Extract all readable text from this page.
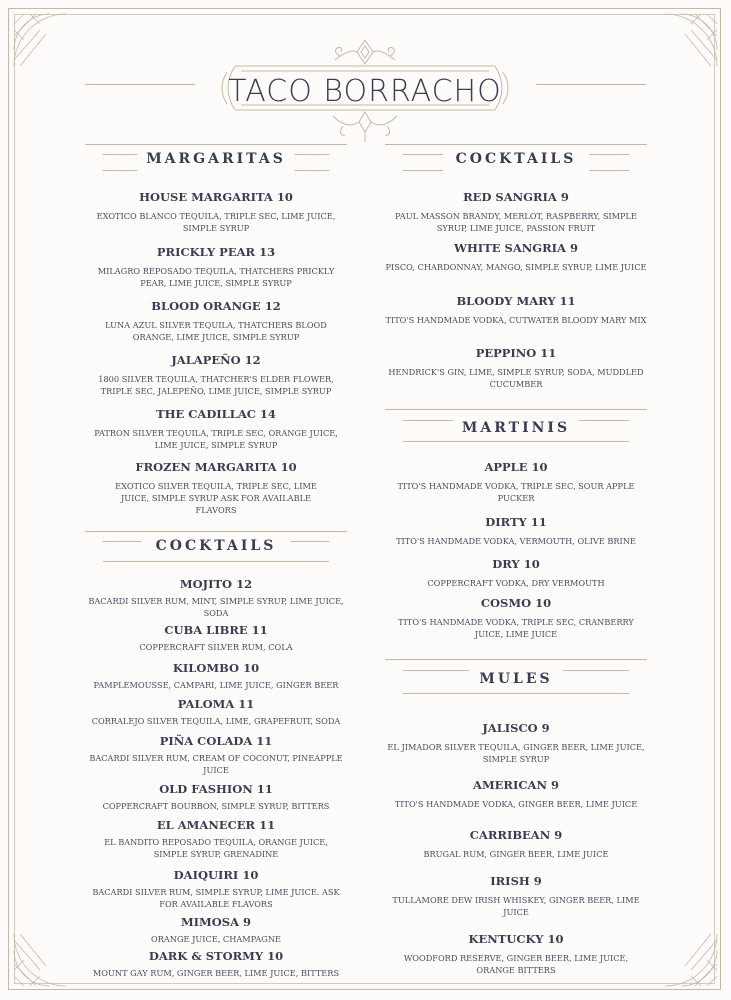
TACO BORRACHO
MARGARITAS
HOUSE MARGARITA 10
EXOTICO BLANCO TEQUILA, TRIPLE SEC, LIME JUICE, SIMPLE SYRUP
PRICKLY PEAR 13
MILAGRO REPOSADO TEQUILA, THATCHERS PRICKLY PEAR, LIME JUICE, SIMPLE SYRUP
BLOOD ORANGE 12
LUNA AZUL SILVER TEQUILA, THATCHERS BLOOD ORANGE, LIME JUICE, SIMPLE SYRUP
JALAPEÑO 12
1800 SILVER TEQUILA, THATCHER'S ELDER FLOWER, TRIPLE SEC, JALEPEÑO, LIME JUICE, SIMPLE SYRUP
THE CADILLAC 14
PATRON SILVER TEQUILA, TRIPLE SEC, ORANGE JUICE, LIME JUICE, SIMPLE SYRUP
FROZEN MARGARITA 10
EXOTICO SILVER TEQUILA, TRIPLE SEC, LIME JUICE, SIMPLE SYRUP ASK FOR AVAILABLE FLAVORS
COCKTAILS
MOJITO 12
BACARDI SILVER RUM, MINT, SIMPLE SYRUP, LIME JUICE, SODA
CUBA LIBRE 11
COPPERCRAFT SILVER RUM, COLA
KILOMBO 10
PAMPLEMOUSSE, CAMPARI, LIME JUICE, GINGER BEER
PALOMA 11
CORRALEJO SILVER TEQUILA, LIME, GRAPEFRUIT, SODA
PIÑA COLADA 11
BACARDI SILVER RUM, CREAM OF COCONUT, PINEAPPLE JUICE
OLD FASHION 11
COPPERCRAFT BOURBON, SIMPLE SYRUP, BITTERS
EL AMANECER 11
EL BANDITO REPOSADO TEQUILA, ORANGE JUICE, SIMPLE SYRUP, GRENADINE
DAIQUIRI 10
BACARDI SILVER RUM, SIMPLE SYRUP, LIME JUICE. ASK FOR AVAILABLE FLAVORS
MIMOSA 9
ORANGE JUICE, CHAMPAGNE
DARK & STORMY 10
MOUNT GAY RUM, GINGER BEER, LIME JUICE, BITTERS
COCKTAILS
RED SANGRIA 9
PAUL MASSON BRANDY, MERLOT, RASPBERRY, SIMPLE SYRUP, LIME JUICE, PASSION FRUIT
WHITE SANGRIA 9
PISCO, CHARDONNAY, MANGO, SIMPLE SYRUP, LIME JUICE
BLOODY MARY 11
TITO'S HANDMADE VODKA, CUTWATER BLOODY MARY MIX
PEPPINO 11
HENDRICK'S GIN, LIME, SIMPLE SYRUP, SODA, MUDDLED CUCUMBER
MARTINIS
APPLE 10
TITO'S HANDMADE VODKA, TRIPLE SEC, SOUR APPLE PUCKER
DIRTY 11
TITO'S HANDMADE VODKA, VERMOUTH, OLIVE BRINE
DRY 10
COPPERCRAFT VODKA, DRY VERMOUTH
COSMO 10
TITO'S HANDMADE VODKA, TRIPLE SEC, CRANBERRY JUICE, LIME JUICE
MULES
JALISCO 9
EL JIMADOR SILVER TEQUILA, GINGER BEER, LIME JUICE, SIMPLE SYRUP
AMERICAN 9
TITO'S HANDMADE VODKA, GINGER BEER, LIME JUICE
CARRIBEAN 9
BRUGAL RUM, GINGER BEER, LIME JUICE
IRISH 9
TULLAMORE DEW IRISH WHISKEY, GINGER BEER, LIME JUICE
KENTUCKY 10
WOODFORD RESERVE, GINGER BEER, LIME JUICE, ORANGE BITTERS
